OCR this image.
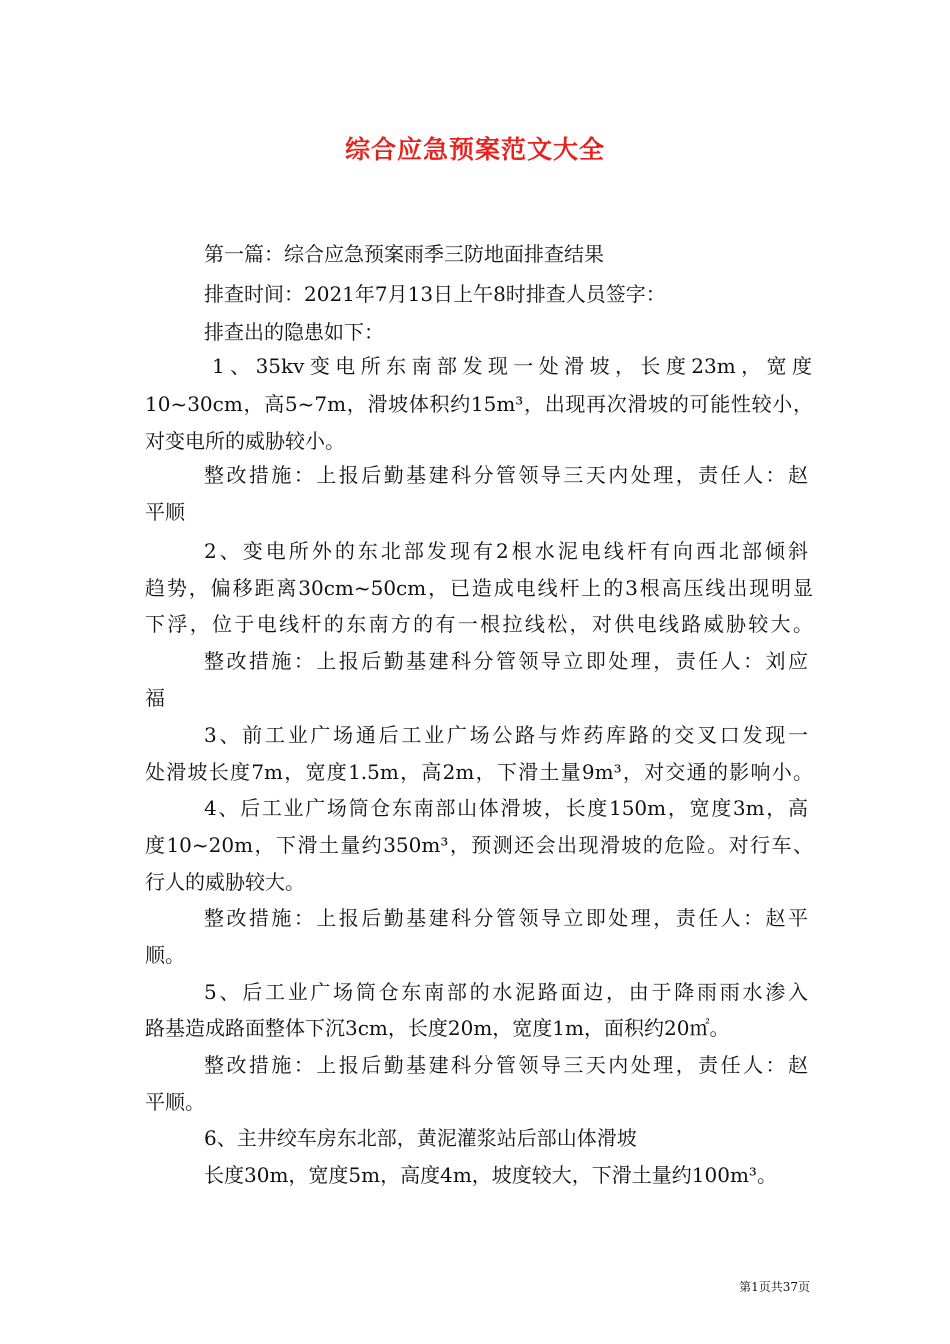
综合应急预案范文大全
第一篇：综合应急预案雨季三防地面排查结果
排查时间：2021年7月13日上午8时排查人员签字：
排查出的隐患如下：
1、35kv变电所东南部发现一处滑坡，长度23m，宽度
10~30cm，高5~7m，滑坡体积约15m³，出现再次滑坡的可能性较小，
对变电所的威胁较小。
整改措施：上报后勤基建科分管领导三天内处理，责任人：赵
平顺
2、变电所外的东北部发现有2根水泥电线杆有向西北部倾斜
趋势，偏移距离30cm~50cm，已造成电线杆上的3根高压线出现明显
下浮，位于电线杆的东南方的有一根拉线松，对供电线路威胁较大。
整改措施：上报后勤基建科分管领导立即处理，责任人：刘应
福
3、前工业广场通后工业广场公路与炸药库路的交叉口发现一
处滑坡长度7m，宽度1.5m，高2m，下滑土量9m³，对交通的影响小。
4、后工业广场筒仓东南部山体滑坡，长度150m，宽度3m，高
度10~20m，下滑土量约350m³，预测还会出现滑坡的危险。对行车、
行人的威胁较大。
整改措施：上报后勤基建科分管领导立即处理，责任人：赵平
顺。
5、后工业广场筒仓东南部的水泥路面边，由于降雨雨水渗入
路基造成路面整体下沉3cm，长度20m，宽度1m，面积约20㎡。
整改措施：上报后勤基建科分管领导三天内处理，责任人：赵
平顺。
6、主井绞车房东北部，黄泥灌浆站后部山体滑坡
长度30m，宽度5m，高度4m，坡度较大，下滑土量约100m³。
第1页共37页
